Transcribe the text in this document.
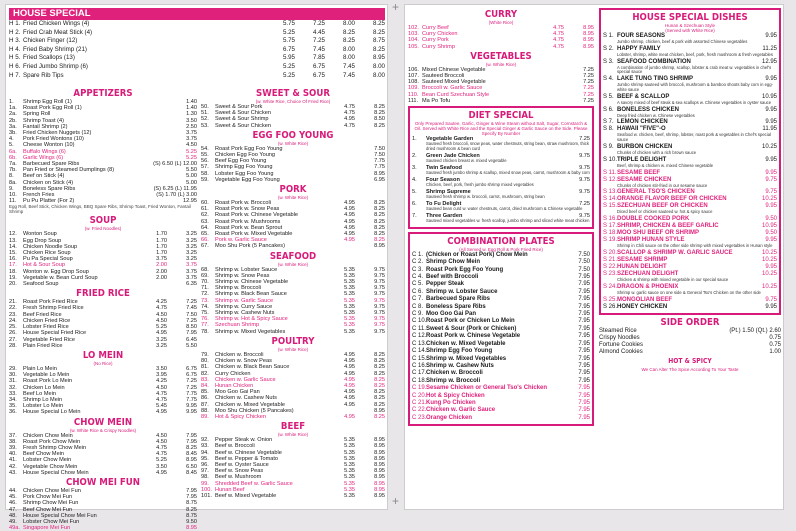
+
+
HOUSE SPECIAL
H 1. Fried Chicken Wings (4)	5.75	7.25	8.00	8.25
H 2. Fried Crab Meat Stick (4)	5.25	4.45	8.25	8.25
H 3. Chicken Finger (12)	5.75	7.25	8.25	8.75
H 4. Fried Baby Shrimp (21)	6.75	7.45	8.00	8.25
H 5. Fried Scallops (13)	5.95	7.85	8.00	8.95
H 6. Fried Jumbo Shrimp (6)	5.25	6.75	7.45	8.00
H 7. Spare Rib Tips	5.25	6.75	7.45	8.00
APPETIZERS
1.	Shrimp Egg Roll (1)	1.40
1a.	Roast Pork Egg Roll (1)	1.40
2a.	Spring Roll	1.30
2b.	Shrimp Toast (4)	3.50
3a.	Fantail Shrimp (2)	2.50
3b.	Fried Chicken Nuggets (12)	3.75
4.	Pork Fried Wontons (10)	3.75
5.	Cheese Wonton (10)	4.50
6a.	Buffalo Wings (6)	5.25
6b.	Garlic Wings (6)	5.25
7a.	Barbecued Spare Ribs	(S) 6.50 (L) 12.00
7b.	Pan Fried or Steamed Dumplings (8)	5.50
8.	Beef on Stick (4)	5.00
8a.	Chicken on Stick (4)	5.00
9.	Boneless Spare Ribs	(S) 6.25 (L) 11.95
10.	French Fries	(S) 1.70 (L) 3.00
11.	Pu Pu Platter (For 2)	12.95
Egg Roll, Beef Stick, Chicken Wings, BBQ Spare Ribs, Shrimp Toast, Fried Wonton, Fantail Shrimp
SOUP
(w. Fried Noodles)
12.	Wonton Soup	1.70	3.25
13.	Egg Drop Soup	1.70	3.25
14.	Chicken Noodle Soup	1.70	3.25
15.	Chicken Rice Soup	1.70	3.25
16.	Pu Pa Special Soup	3.75	3.25
17.	Hot & Sour Soup	2.00	3.75
18.	Wonton w. Egg Drop Soup	2.00	3.75
19.	Vegetable w. Bean Curd Soup	2.00	3.75
20.	Seafood Soup	6.35
FRIED RICE
21.	Roast Pork Fried Rice	4.25	7.25
22.	Fresh Shrimp Fried Rice	4.75	7.45
23.	Beef Fried Rice	4.50	7.50
24.	Chicken Fried Rice	4.50	7.25
25.	Lobster Fried Rice	5.25	8.50
26.	House Special Fried Rice	4.95	7.95
27.	Vegetable Fried Rice	3.25	6.45
28.	Plain Fried Rice	3.25	5.50
LO MEIN
(No Rice)
29.	Plain Lo Mein	3.50	6.75
30.	Vegetable Lo Mein	3.95	6.75
31.	Roast Pork Lo Mein	4.25	7.25
32.	Chicken Lo Mein	4.50	7.25
33.	Beef Lo Mein	4.75	7.75
34.	Shrimp Lo Mein	4.75	7.75
35.	Lobster Lo Mein	5.45	9.95
36.	House Special Lo Mein	4.95	9.95
CHOW MEIN
(w. White Rice & Crispy Noodles)
37.	Chicken Chow Mein	4.50	7.95
38.	Roast Pork Chow Mein	4.50	7.95
39.	Fresh Shrimp Chow Mein	4.75	8.25
40.	Beef Chow Mein	4.75	8.45
41.	Lobster Chow Mein	5.25	8.95
42.	Vegetable Chow Mein	3.50	6.50
43.	House Special Chow Mein	4.95	8.45
CHOW MEI FUN
44.	Chicken Chow Mei Fun	7.95
45.	Pork Chow Mei Fun	7.95
46.	Shrimp Chow Mei Fun	8.75
47.	Beef Chow Mei Fun	8.25
48.	House Special Chow Mei Fun	8.75
49.	Lobster Chow Mei Fun	9.50
49a. Singapore Mei Fun	8.95
SWEET & SOUR
(w. White Rice, Choice Of Fried Rice)
50.	Sweet & Sour Pork	4.75	8.25
51.	Sweet & Sour Chicken	4.75	8.25
52.	Sweet & Sour Shrimp	4.95	8.50
53.	Sweet & Sour Chicken	4.75	8.25
EGG FOO YOUNG
(w. White Rice)
54.	Roast Pork Egg Foo Young	7.50
55.	Chicken Egg Foo Young	7.50
56.	Beef Egg Foo Young	7.75
57.	Shrimp Egg Foo Young	7.75
58.	Lobster Egg Foo Young	8.95
59.	Vegetable Egg Foo Young	6.95
PORK
(w. White Rice)
60.	Roast Pork w. Broccoli	4.95	8.25
61.	Roast Pork w. Snow Peas	4.95	8.25
62.	Roast Pork w. Chinese Vegetable	4.95	8.25
63.	Roast Pork w. Mushrooms	4.95	8.25
64.	Roast Pork w. Bean Sprout	4.95	8.25
65.	Roast Pork w. Mixed Vegetable	4.95	8.25
66.	Pork w. Garlic Sauce	4.95	8.25
67.	Moo Shu Pork (5 Pancakes)	8.95
SEAFOOD
(w. White Rice)
68.	Shrimp w. Lobster Sauce	5.35	9.75
69.	Shrimp w. Snow Peas	5.35	9.75
70.	Shrimp w. Chinese Vegetable	5.35	9.75
71.	Shrimp w. Broccoli	5.35	9.75
72.	Shrimp w. Black Bean Sauce	5.35	9.75
73.	Shrimp w. Garlic Sauce	5.35	9.75
74.	Shrimp w. Curry Sauce	5.35	9.75
75.	Shrimp w. Cashew Nuts	5.35	9.75
76.	Shrimp w. Hot & Spicy Sauce	5.35	9.75
77.	Szechuan Shrimp	5.35	9.75
78.	Shrimp w. Mixed Vegetables	5.35	9.75
POULTRY
(w. White Rice)
79.	Chicken w. Broccoli	4.95	8.25
80.	Chicken w. Snow Peas	4.95	8.25
81.	Chicken w. Black Bean Sauce	4.95	8.25
82.	Curry Chicken	4.95	8.25
83.	Chicken w. Garlic Sauce	4.95	8.25
84.	Hunan Chicken	4.95	8.25
85.	Moo Goo Gai Pan	4.95	8.25
86.	Chicken w. Cashew Nuts	4.95	8.25
87.	Chicken w. Mixed Vegetable	4.95	8.25
88.	Moo Shu Chicken (5 Pancakes)	8.95
89.	Hot & Spicy Chicken	4.95	8.25
BEEF
(w. White Rice)
92.	Pepper Steak w. Onion	5.35	8.95
93.	Beef w. Broccoli	5.35	8.95
94.	Beef w. Chinese Vegetable	5.35	8.95
95.	Beef w. Pepper & Tomato	5.35	8.95
96.	Beef w. Oyster Sauce	5.35	8.95
97.	Beef w. Snow Peas	5.35	8.95
98.	Beef w. Mushroom	5.35	8.95
99.	Shredded Beef w. Garlic Sauce	5.35	8.95
100. Hunan Beef	5.35	8.95
101. Beef w. Mixed Vegetable	5.35	8.95
CURRY
(White Rice)
102. Curry Beef	4.75	8.95
103. Curry Chicken	4.75	8.95
104. Curry Pork	4.75	8.95
105. Curry Shrimp	4.75	8.95
VEGETABLES
(w. White Rice)
106. Mixed Chinese Vegetable	7.25
107. Sauteed Broccoli	7.25
108. Sauteed Mixed Vegetable	7.25
109. Broccoli w. Garlic Sauce	7.25
110. Bean Curd Szechuan Style	7.25
111. Ma Po Tofu	7.25
DIET SPECIAL
Only Prepared Sautee, Garlic, Ginger & Wine Steam without Salt, Sugar, Cornstarch & Oil. Served with White Rice and the Special Ginger & Garlic Sauce on the Side. Please Specify By Number
1.	Vegetable Garden	7.25
Sauteed fresh broccoli, snow peas, water chestnuts, string bean, straw mushroom, thick dried mushroom & bean curd
2.	Green Jade Chicken	9.75
Sauteed chicken breast w. mixed vegetable
3.	Twin Seafood	9.75
Sauteed fresh jumbo shrimp & scallop, mixed snow peas, carrot, mushroom & baby corn
4.	Four Season	9.75
Chicken, beef, pork, fresh jumbo shrimp mixed vegetables
5.	Shrimp Supreme	9.75
Sauteed fresh shrimp w. broccoli, carrot, mushroom, string bean
6.	To Fu Delight	7.25
Sauteed bean curd w. water chestnuts, carrot, dried mushroom & Chinese vegetable
7.	Three Garden	9.75
Sauteed mixed vegetables w. fresh scallop, jumbo shrimp and sliced white meat chicken
COMBINATION PLATES
(All Served w. Egg Roll & Pork Fried Rice)
C 1. (Chicken or Roast Pork) Chow Mein	7.50
C 2. Shrimp Chow Mein	7.50
C 3. Roast Pork Egg Foo Young	7.50
C 4. Beef with Broccoli	7.95
C 5. Pepper Steak	7.95
C 6. Shrimp w. Lobster Sauce	7.95
C 7. Barbecued Spare Ribs	7.95
C 8. Boneless Spare Ribs	7.95
C 9. Moo Goo Gai Pan	7.95
C 10. Roast Pork or Chicken Lo Mein	7.95
C 11. Sweet & Sour (Pork or Chicken)	7.95
C 12. Roast Pork w. Chinese Vegetable	7.95
C 13. Chicken w. Mixed Vegetable	7.95
C 14. Shrimp Egg Foo Young	7.95
C 15. Shrimp w. Mixed Vegetables	7.95
C 16. Shrimp w. Cashew Nuts	7.95
C 17. Chicken w. Broccoli	7.95
C 18. Shrimp w. Broccoli	7.95
C 19. Sesame Chicken or General Tso's Chicken	7.95
C 20. Hot & Spicy Chicken	7.95
C 21. Kung Po Chicken	7.95
C 22. Chicken w. Garlic Sauce	7.95
C 23. Orange Chicken	7.95
HOUSE SPECIAL DISHES
Hunan & Szechuan Style
(Served with White Rice)
S 1. FOUR SEASONS	9.95
Jumbo shrimp, chicken, beef & pork with assorted Chinese vegetables
S 2. HAPPY FAMILY	11.25
Lobster, shrimp, white meat chicken, beef, pork, fresh mushroom & fresh vegetables
S 3. SEAFOOD COMBINATION	12.95
A combination of jumbo shrimp, scallop, lobster & crab meat w. vegetables in chef's special sauce
S 4. LAKE TUNG TING SHRIMP	9.95
Jumbo shrimp sauteed with broccoli, mushroom & bamboo shoots baby corn in egg-white sauce
S 5. BEEF & SCALLOP	10.95
A savory mixed of beef steak & sea scallops w. Chinese vegetables in oyster sauce
S 6. BONELESS CHICKEN	9.95
Deep fried chicken w. Chinese vegetables
S 7. LEMON CHICKEN	9.95
S 8. HAWAII "FIVE"-O	11.95
Seafood w. chicken, beef, shrimp, lobster, roast pork & vegetables in Chef's special sauce
S 9. BURBON CHICKEN	10.25
Chunks of chicken with a rich brown sauce
S 10. TRIPLE DELIGHT	9.95
Beef, shrimp & chicken w. mixed Chinese vegetable
S 11. SESAME BEEF	9.95
S 12. SESAME CHICKEN	9.75
Chunks of chicken stir-fried in our sesame sauce
S 13. GENERAL TSO'S CHICKEN	9.75
S 14. ORANGE FLAVOR BEEF OR CHICKEN	10.25
S 15. SZECHUAN BEEF OR CHICKEN	9.95
Diced beef or chicken sauteed w. hot & spicy sauce
S 16. DOUBLE COOKED PORK	9.50
S 17. SHRIMP, CHICKEN & BEEF GARLIC	10.95
S 18. MOO SHU BEEF OR SHRIMP	9.50
S 19. SHRIMP HUNAN STYLE	9.95
Shrimp in Chili sauce on the other side shrimp with mixed vegetables in Hunan style
S 20. SCALLOP & SHRIMP W. GARLIC SAUCE	10.25
S 21. SESAME SHRIMP	10.25
S 22. HUNAN DELIGHT	9.95
S 23. SZECHUAN DELIGHT	10.25
Chicken & shrimp with mixed vegetable in our special sauce
S 24. DRAGON & PHOENIX	10.25
Shrimp w. garlic sauce on one side & General Tso's Chicken on the other side
S 25. MONGOLIAN BEEF	9.75
S 26. HONEY CHICKEN	9.95
SIDE ORDER
Steamed Rice	(Pt.) 1.50 (Qt.) 2.60
Crispy Noodles	0.75
Fortune Cookies	0.75
Almond Cookies	1.00
HOT & SPICY
We Can Alter The Spice According To Your Taste
